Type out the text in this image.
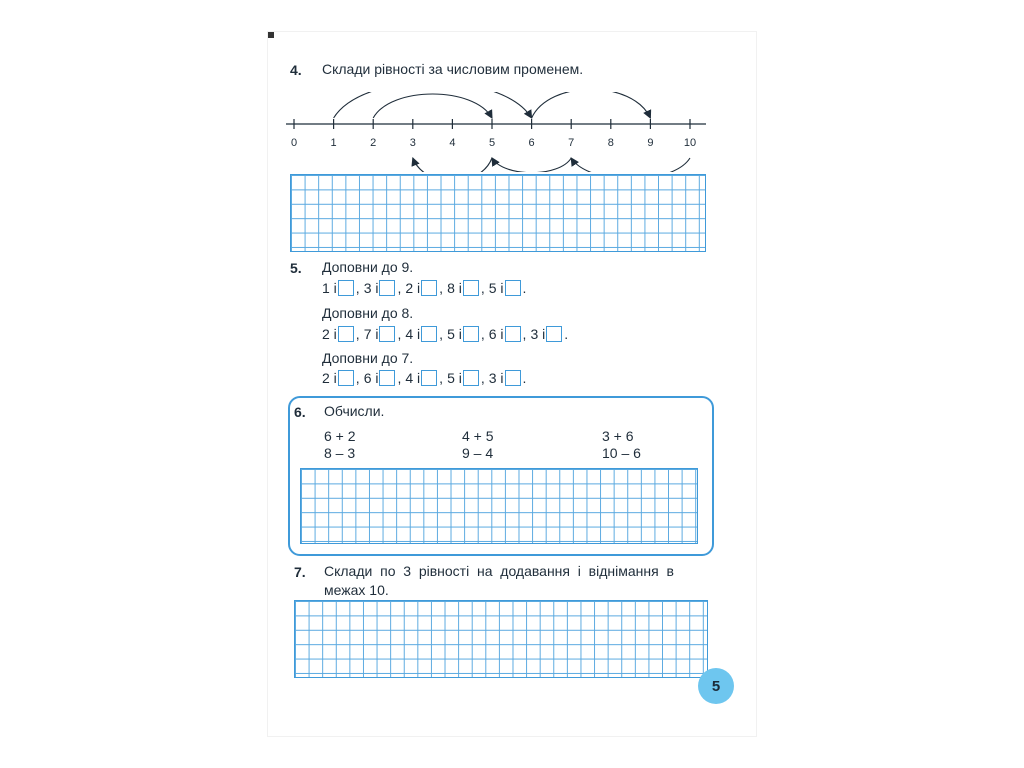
4. Склади рівності за числовим променем.
0	1	2	3	4	5	6	7	8	9	10
5. Доповни до 9.
1 і , 3 і , 2 і , 8 і , 5 і .
Доповни до 8.
2 і , 7 і , 4 і , 5 і , 6 і , 3 і .
Доповни до 7.
2 і , 6 і , 4 і , 5 і , 3 і .
6. Обчисли.
6 + 2	4 + 5	3 + 6
8 – 3	9 – 4	10 – 6
7. Склади  по  3  рівності  на  додавання  і  віднімання  в
межах 10.
5
